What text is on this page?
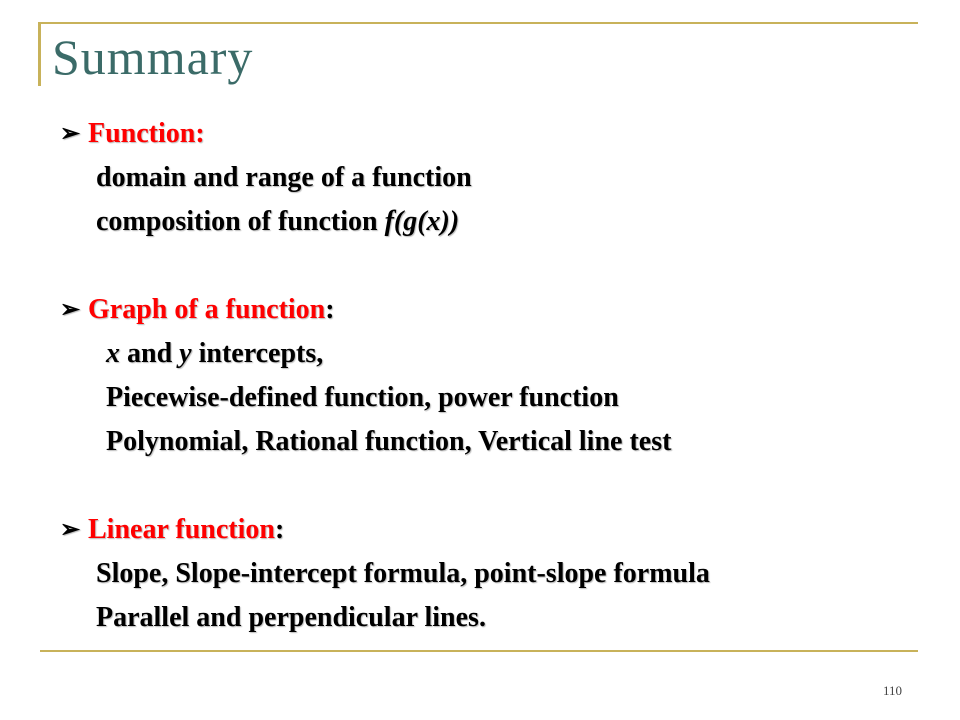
Summary
➢ Function:
domain and range of a function
composition of function f(g(x))
➢ Graph of a function :
x and y intercepts,
Piecewise-defined function, power function
Polynomial, Rational function, Vertical line test
➢ Linear function :
Slope, Slope-intercept formula, point-slope formula
Parallel and perpendicular lines.
110
